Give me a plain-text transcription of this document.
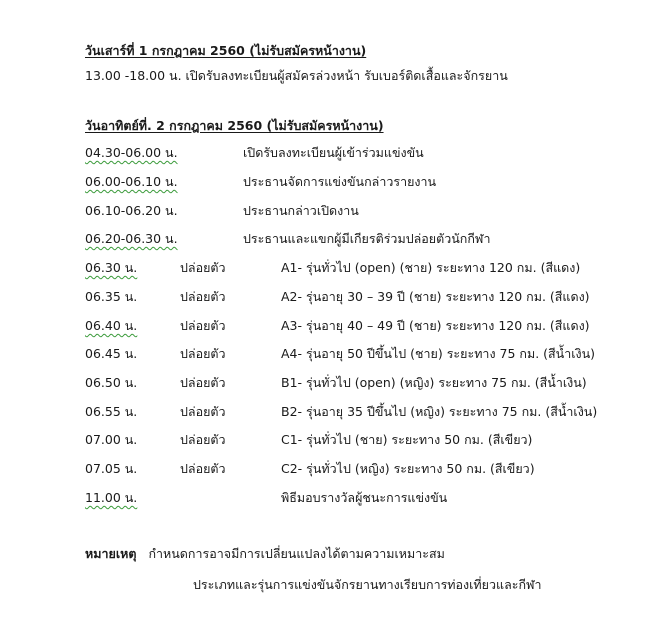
วันเสาร์ที่ 1 กรกฎาคม 2560 (ไม่รับสมัครหน้างาน)
13.00 -18.00 น. เปิดรับลงทะเบียนผู้สมัครล่วงหน้า รับเบอร์ติดเสื้อและจักรยาน
วันอาทิตย์ที่. 2 กรกฎาคม 2560 (ไม่รับสมัครหน้างาน)
04.30-06.00 น.	เปิดรับลงทะเบียนผู้เข้าร่วมแข่งขัน
06.00-06.10 น.	ประธานจัดการแข่งขันกล่าวรายงาน
06.10-06.20 น.	ประธานกล่าวเปิดงาน
06.20-06.30 น.	ประธานและแขกผู้มีเกียรติร่วมปล่อยตัวนักกีฬา
06.30 น.	ปล่อยตัว	A1- รุ่นทั่วไป (open) (ชาย) ระยะทาง 120 กม. (สีแดง)
06.35 น.	ปล่อยตัว	A2- รุ่นอายุ 30 – 39 ปี (ชาย) ระยะทาง 120 กม. (สีแดง)
06.40 น.	ปล่อยตัว	A3- รุ่นอายุ 40 – 49 ปี (ชาย) ระยะทาง 120 กม. (สีแดง)
06.45 น.	ปล่อยตัว	A4- รุ่นอายุ 50 ปีขึ้นไป (ชาย) ระยะทาง 75 กม. (สีน้ำเงิน)
06.50 น.	ปล่อยตัว	B1- รุ่นทั่วไป (open) (หญิง) ระยะทาง 75 กม. (สีน้ำเงิน)
06.55 น.	ปล่อยตัว	B2- รุ่นอายุ 35 ปีขึ้นไป (หญิง) ระยะทาง 75 กม. (สีน้ำเงิน)
07.00 น.	ปล่อยตัว	C1- รุ่นทั่วไป (ชาย) ระยะทาง 50 กม. (สีเขียว)
07.05 น.	ปล่อยตัว	C2- รุ่นทั่วไป (หญิง) ระยะทาง 50 กม. (สีเขียว)
11.00 น.	พิธีมอบรางวัลผู้ชนะการแข่งขัน
หมายเหตุ กำหนดการอาจมีการเปลี่ยนแปลงได้ตามความเหมาะสม
ประเภทและรุ่นการแข่งขันจักรยานทางเรียบการท่องเที่ยวและกีฬา
